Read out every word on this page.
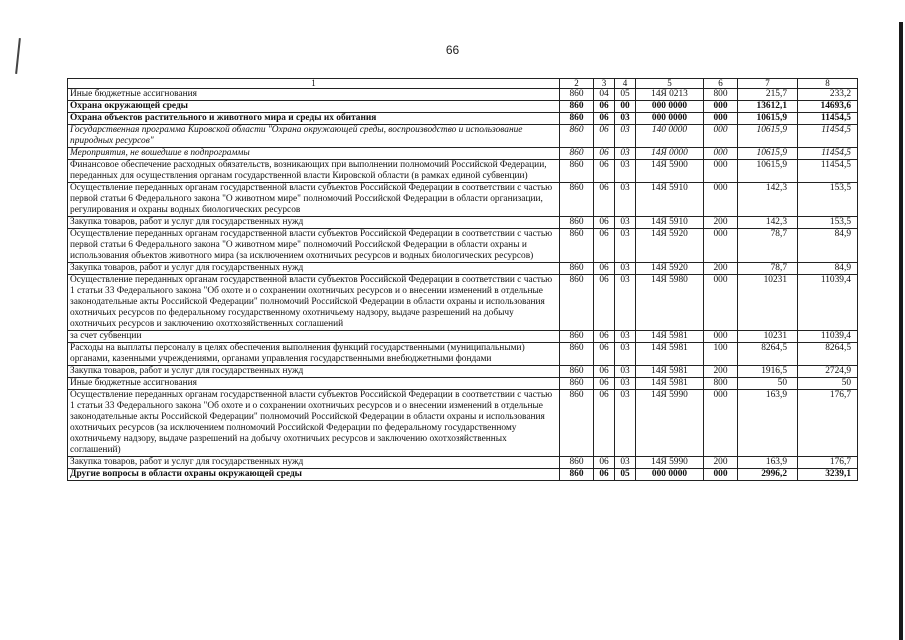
66
1	2	3	4	5	6	7	8
Иные бюджетные ассигнования	860	04	05	14Я 0213	800	215,7	233,2
Охрана окружающей среды	860	06	00	000 0000	000	13612,1	14693,6
Охрана объектов растительного и животного мира и среды их обитания	860	06	03	000 0000	000	10615,9	11454,5
Государственная программа Кировской области "Охрана окружающей среды, воспроизводство и использование природных ресурсов"	860	06	03	140 0000	000	10615,9	11454,5
Мероприятия, не вошедшие в подпрограммы	860	06	03	14Я 0000	000	10615,9	11454,5
Финансовое обеспечение расходных обязательств, возникающих при выполнении полномочий Российской Федерации, переданных для осуществления органам государственной власти Кировской области (в рамках единой субвенции)	860	06	03	14Я 5900	000	10615,9	11454,5
Осуществление переданных органам государственной власти субъектов Российской Федерации в соответствии с частью первой статьи 6 Федерального закона "О животном мире" полномочий Российской Федерации в области организации, регулирования и охраны водных биологических ресурсов	860	06	03	14Я 5910	000	142,3	153,5
Закупка товаров, работ и услуг для государственных нужд	860	06	03	14Я 5910	200	142,3	153,5
Осуществление переданных органам государственной власти субъектов Российской Федерации в соответствии с частью первой статьи 6 Федерального закона "О животном мире" полномочий Российской Федерации в области охраны и использования объектов животного мира (за исключением охотничьих ресурсов и водных биологических ресурсов)	860	06	03	14Я 5920	000	78,7	84,9
Закупка товаров, работ и услуг для государственных нужд	860	06	03	14Я 5920	200	78,7	84,9
Осуществление переданных органам государственной власти субъектов Российской Федерации в соответствии с частью 1 статьи 33 Федерального закона "Об охоте и о сохранении охотничьих ресурсов и о внесении изменений в отдельные законодательные акты Российской Федерации" полномочий Российской Федерации в области охраны и использования охотничьих ресурсов по федеральному государственному охотничьему надзору, выдаче разрешений на добычу охотничьих ресурсов и заключению охотхозяйственных соглашений	860	06	03	14Я 5980	000	10231	11039,4
за счет субвенции	860	06	03	14Я 5981	000	10231	11039,4
Расходы на выплаты персоналу в целях обеспечения выполнения функций государственными (муниципальными) органами, казенными учреждениями, органами управления государственными внебюджетными фондами	860	06	03	14Я 5981	100	8264,5	8264,5
Закупка товаров, работ и услуг для государственных нужд	860	06	03	14Я 5981	200	1916,5	2724,9
Иные бюджетные ассигнования	860	06	03	14Я 5981	800	50	50
Осуществление переданных органам государственной власти субъектов Российской Федерации в соответствии с частью 1 статьи 33 Федерального закона "Об охоте и о сохранении охотничьих ресурсов и о внесении изменений в отдельные законодательные акты Российской Федерации" полномочий Российской Федерации в области охраны и использования охотничьих ресурсов (за исключением полномочий Российской Федерации по федеральному государственному охотничьему надзору, выдаче разрешений на добычу охотничьих ресурсов и заключению охотхозяйственных соглашений)	860	06	03	14Я 5990	000	163,9	176,7
Закупка товаров, работ и услуг для государственных нужд	860	06	03	14Я 5990	200	163,9	176,7
Другие вопросы в области охраны окружающей среды	860	06	05	000 0000	000	2996,2	3239,1
